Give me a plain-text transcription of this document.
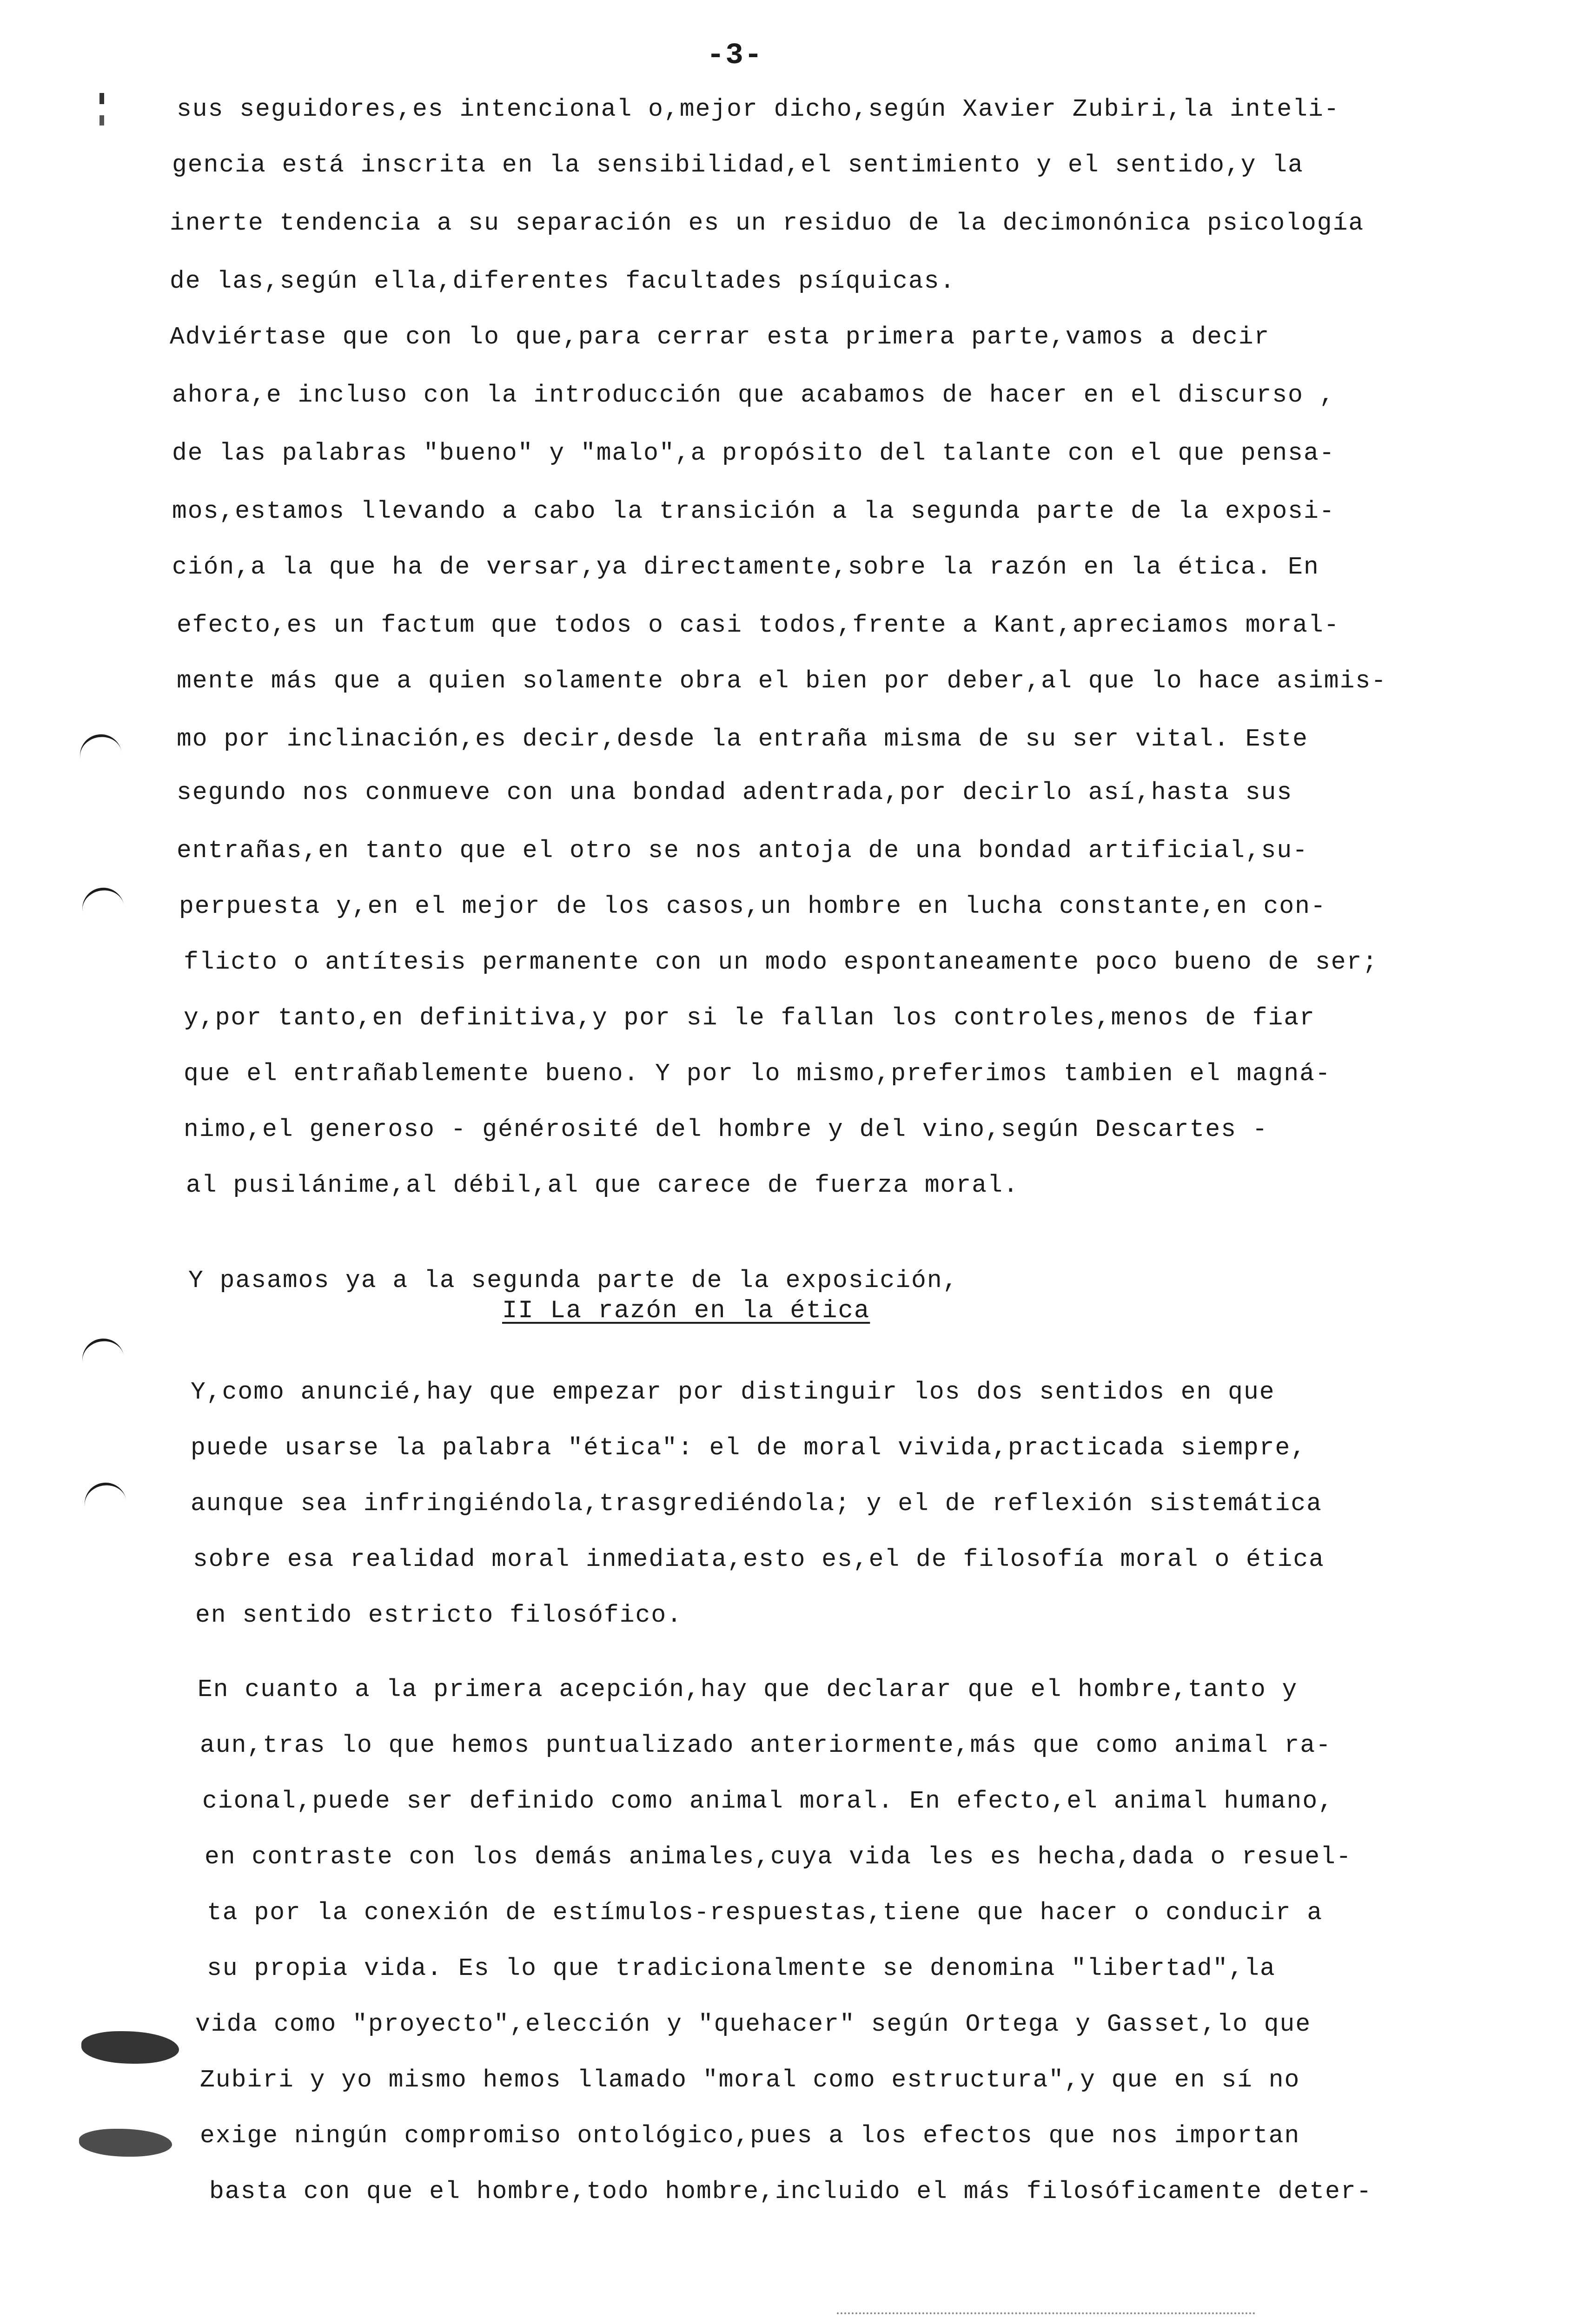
-3-
sus seguidores,es intencional o,mejor dicho,según Xavier Zubiri,la inteli-
gencia está inscrita en la sensibilidad,el sentimiento y el sentido,y la
inerte tendencia a su separación es un residuo de la decimonónica psicología
de las,según ella,diferentes facultades psíquicas.
Adviértase que con lo que,para cerrar esta primera parte,vamos a decir
ahora,e incluso con la introducción que acabamos de hacer en el discurso ,
de las palabras "bueno" y "malo",a propósito del talante con el que pensa-
mos,estamos llevando a cabo la transición a la segunda parte de la exposi-
ción,a la que ha de versar,ya directamente,sobre la razón en la ética. En
efecto,es un factum que todos o casi todos,frente a Kant,apreciamos moral-
mente más que a quien solamente obra el bien por deber,al que lo hace asimis-
mo por inclinación,es decir,desde la entraña misma de su ser vital. Este
segundo nos conmueve con una bondad adentrada,por decirlo así,hasta sus
entrañas,en tanto que el otro se nos antoja de una bondad artificial,su-
perpuesta y,en el mejor de los casos,un hombre en lucha constante,en con-
flicto o antítesis permanente con un modo espontaneamente poco bueno de ser;
y,por tanto,en definitiva,y por si le fallan los controles,menos de fiar
que el entrañablemente bueno. Y por lo mismo,preferimos tambien el magná-
nimo,el generoso - générosité del hombre y del vino,según Descartes -
al pusilánime,al débil,al que carece de fuerza moral.
Y pasamos ya a la segunda parte de la exposición,
II La razón en la ética
Y,como anuncié,hay que empezar por distinguir los dos sentidos en que
puede usarse la palabra "ética": el de moral vivida,practicada siempre,
aunque sea infringiéndola,trasgrediéndola; y el de reflexión sistemática
sobre esa realidad moral inmediata,esto es,el de filosofía moral o ética
en sentido estricto filosófico.
En cuanto a la primera acepción,hay que declarar que el hombre,tanto y
aun,tras lo que hemos puntualizado anteriormente,más que como animal ra-
cional,puede ser definido como animal moral. En efecto,el animal humano,
en contraste con los demás animales,cuya vida les es hecha,dada o resuel-
ta por la conexión de estímulos-respuestas,tiene que hacer o conducir a
su propia vida. Es lo que tradicionalmente se denomina "libertad",la
vida como "proyecto",elección y "quehacer" según Ortega y Gasset,lo que
Zubiri y yo mismo hemos llamado "moral como estructura",y que en sí no
exige ningún compromiso ontológico,pues a los efectos que nos importan
basta con que el hombre,todo hombre,incluido el más filosóficamente deter-
